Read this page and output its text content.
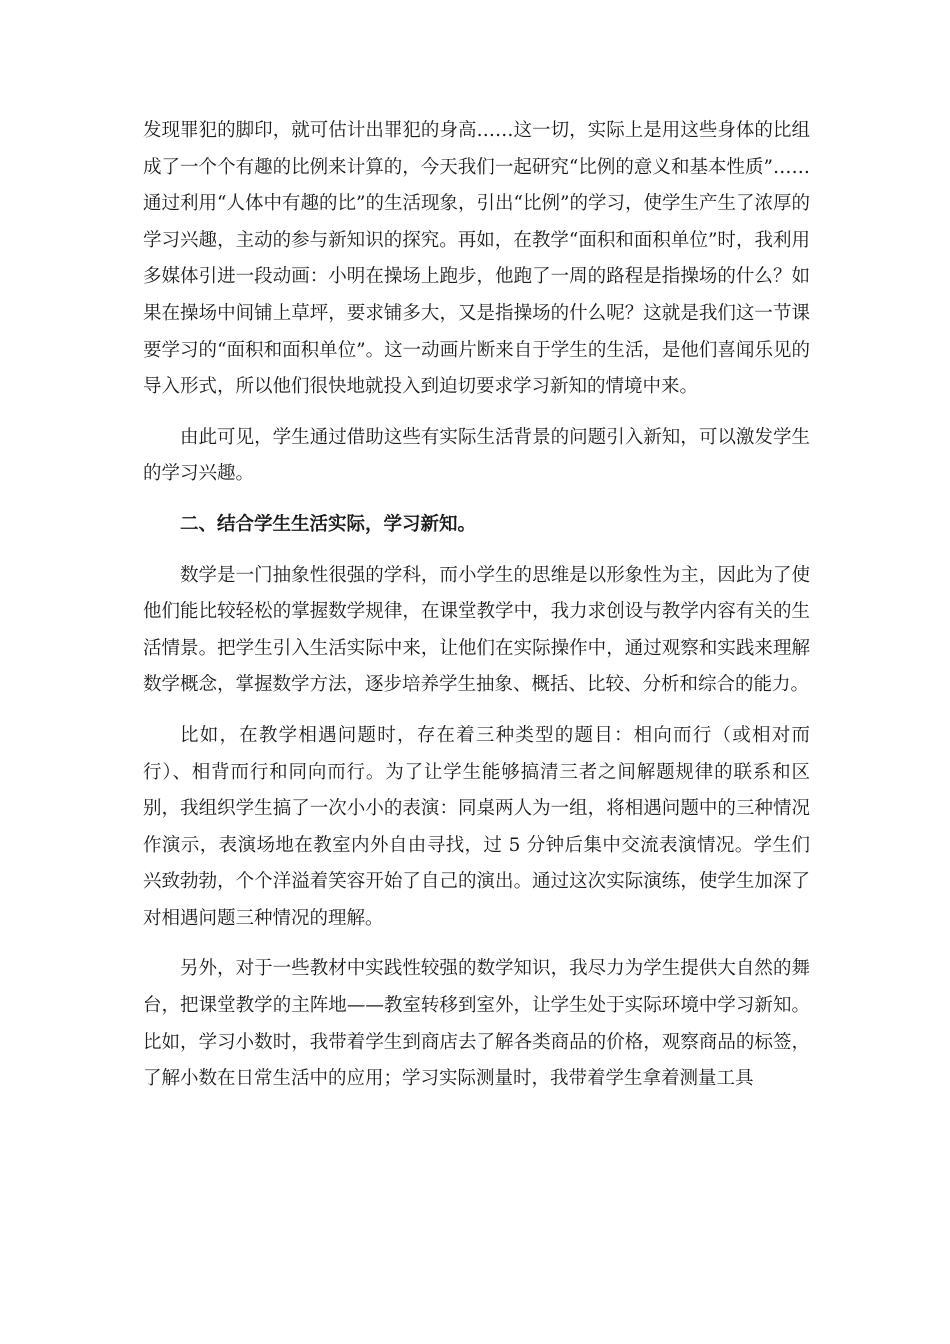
发现罪犯的脚印，就可估计出罪犯的身高……这一切，实际上是用这些身体的比组成了一个个有趣的比例来计算的，今天我们一起研究“比例的意义和基本性质”……通过利用“人体中有趣的比”的生活现象，引出“比例”的学习，使学生产生了浓厚的学习兴趣，主动的参与新知识的探究。再如，在教学“面积和面积单位”时，我利用多媒体引进一段动画：小明在操场上跑步，他跑了一周的路程是指操场的什么？如果在操场中间铺上草坪，要求铺多大，又是指操场的什么呢？这就是我们这一节课要学习的“面积和面积单位”。这一动画片断来自于学生的生活，是他们喜闻乐见的导入形式，所以他们很快地就投入到迫切要求学习新知的情境中来。

由此可见，学生通过借助这些有实际生活背景的问题引入新知，可以激发学生的学习兴趣。

二、结合学生生活实际，学习新知。

数学是一门抽象性很强的学科，而小学生的思维是以形象性为主，因此为了使他们能比较轻松的掌握数学规律，在课堂教学中，我力求创设与教学内容有关的生活情景。把学生引入生活实际中来，让他们在实际操作中，通过观察和实践来理解数学概念，掌握数学方法，逐步培养学生抽象、概括、比较、分析和综合的能力。

比如，在教学相遇问题时，存在着三种类型的题目：相向而行（或相对而行）、相背而行和同向而行。为了让学生能够搞清三者之间解题规律的联系和区别，我组织学生搞了一次小小的表演：同桌两人为一组，将相遇问题中的三种情况作演示，表演场地在教室内外自由寻找，过 5 分钟后集中交流表演情况。学生们兴致勃勃，个个洋溢着笑容开始了自己的演出。通过这次实际演练，使学生加深了对相遇问题三种情况的理解。

另外，对于一些教材中实践性较强的数学知识，我尽力为学生提供大自然的舞台，把课堂教学的主阵地——教室转移到室外，让学生处于实际环境中学习新知。比如，学习小数时，我带着学生到商店去了解各类商品的价格，观察商品的标签，了解小数在日常生活中的应用；学习实际测量时，我带着学生拿着测量工具
